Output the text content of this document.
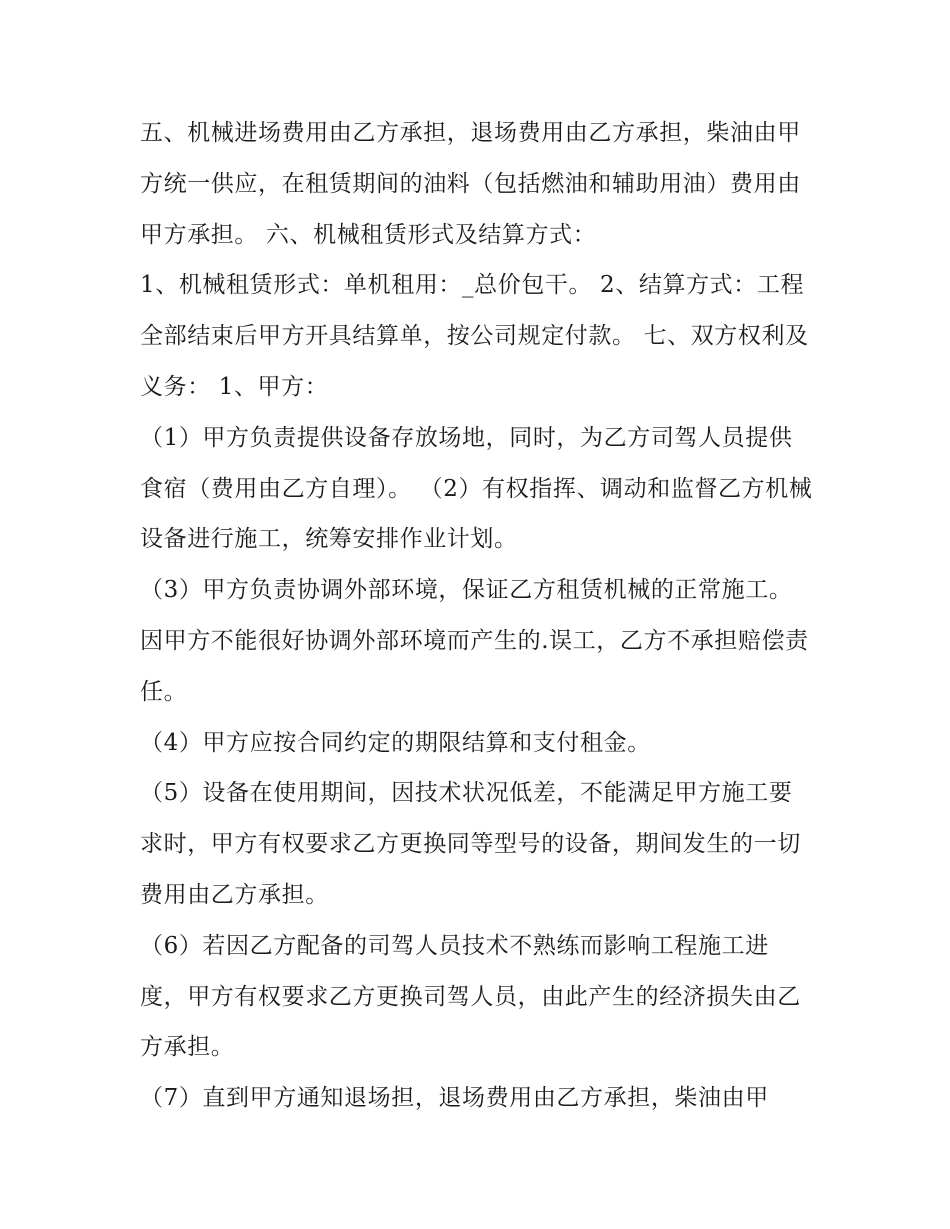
五、机械进场费用由乙方承担，退场费用由乙方承担，柴油由甲方统一供应，在租赁期间的油料（包括燃油和辅助用油）费用由甲方承担。 六、机械租赁形式及结算方式：

1、机械租赁形式：单机租用：_总价包干。 2、结算方式：工程全部结束后甲方开具结算单，按公司规定付款。 七、双方权利及义务： 1、甲方：

（1）甲方负责提供设备存放场地，同时，为乙方司驾人员提供食宿（费用由乙方自理）。 （2）有权指挥、调动和监督乙方机械设备进行施工，统筹安排作业计划。

（3）甲方负责协调外部环境，保证乙方租赁机械的正常施工。因甲方不能很好协调外部环境而产生的.误工，乙方不承担赔偿责任。

（4）甲方应按合同约定的期限结算和支付租金。

（5）设备在使用期间，因技术状况低差，不能满足甲方施工要求时，甲方有权要求乙方更换同等型号的设备，期间发生的一切费用由乙方承担。

（6）若因乙方配备的司驾人员技术不熟练而影响工程施工进度，甲方有权要求乙方更换司驾人员，由此产生的经济损失由乙方承担。

（7）直到甲方通知退场担，退场费用由乙方承担，柴油由甲
